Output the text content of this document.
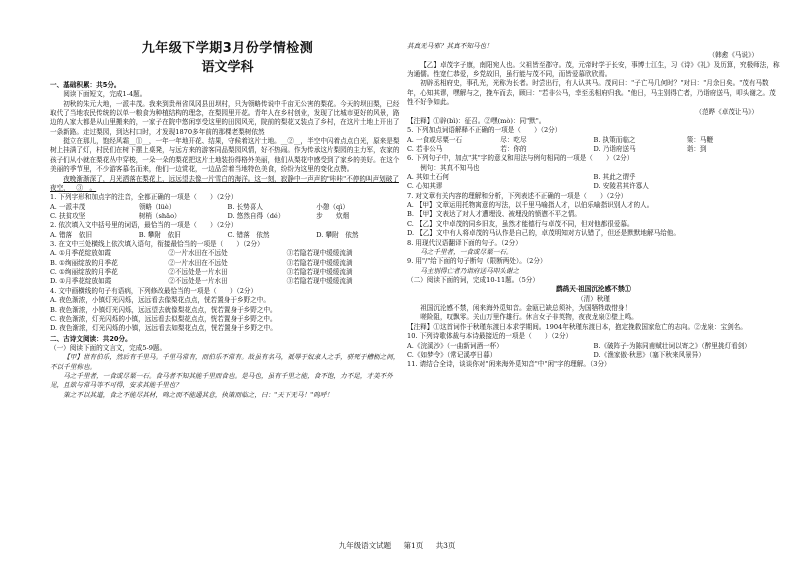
九年级下学期3月份学情检测
语文学科
一、基础积累：共5分。

阅读下面短文，完成1-4题。

初秋的朱元大地，一派丰茂。我来到贵州省凤冈县田坝村，只为领略传说中千亩无公害的梨花。今天的坝田梨，已经取代了当地农民传统的以单一粮食为种植结构的理念，在梨园里开花。青年人在乡村创业，发现了比城市更好的风景，路边的人家大都是从山里搬来的，一家子在院中悠闲享受这里的田园风光，院前的梨花又装点了乡村，在这片土地上开出了一条新路。走过梨园，到达村口时，才发现1870多年前的那棵老梨树依然

挺立在那儿，饱经风霜__①__，一年一年地开花、结果，守候着这片土地。__②__，半空中闪着点点白光，原来是梨树上挂满了灯，村民们在树下摆上桌凳，与远方来的游客同品梨园风情，好不热闹。作为传承这片梨园的主力军，农家的孩子们从小就在梨花丛中穿梭，一朵一朵的梨花把这片土地装扮得格外美丽，他们从梨花中感受到了家乡的美好。在这个美丽的季节里，不少游客慕名而来，他们一边赏花，一边品尝着当地特色美食，纷纷为这里的变化点赞。

夜晚渐渐深了，月光洒落在梨花上，远远望去像一片雪白的海洋。这一刻，寂静中一声声的"咔咔"不停的叫声划破了夜空，__③__。

1. 下列字形和加点字的注音，全都正确的一项是（　　）（2分）

A. 一派丰茂	领略（lüè）	B. 长势喜人	小憩（qì）
C. 扶贫攻坚	树梢（shāo）	D. 悠然自得（dé）	步　　炊烟

2. 依次填入文中括号里的词语，最恰当的一项是（　　）（2分）

A. 错落　 依旧	B. 攀附　 依旧	C. 错落　 依然	D. 攀附　 依然

3. 在文中三处横线上依次填入语句，衔接最恰当的一项是（　　）（2分）

A. ①月季花绽放如霞	②一片水田在不远处	③若隐若现中缓缓流淌
B. ①绚丽绽放的月季花	②一片水田在不远处	③若隐若现中缓缓流淌
C. ①绚丽绽放的月季花	②不远处是一片水田	③若隐若现中缓缓流淌
D. ①月季花绽放如霞	②不远处是一片水田	③若隐若现中缓缓流淌

4. 文中画横线的句子有语病，下列修改最恰当的一项是（　　）（2分）

A. 夜色渐浓，小镇灯光闪烁，远远看去像梨花点点，恍若置身于乡野之中。

B. 夜色渐浓，小镇灯光闪烁，远远望去就像梨花点点，恍若置身于乡野之中。

C. 夜色渐浓，灯光闪烁的小镇，远远看去似梨花点点，恍若置身于乡野之中。

D. 夜色渐浓，灯光闪烁的小镇，远远看去如梨花点点，恍若置身于乡野之中。

二、古诗文阅读：共20分。

（一）阅读下面的文言文，完成5-9题。

【甲】世有伯乐，然后有千里马。千里马常有，而伯乐不常有。故虽有名马，祗辱于奴隶人之手，骈死于槽枥之间，不以千里称也。

马之千里者，一食或尽粟一石。食马者不知其能千里而食也。是马也，虽有千里之能，食不饱，力不足，才美不外见，且欲与常马等不可得，安求其能千里也？

策之不以其道，食之不能尽其材，鸣之而不能通其意，执策而临之，曰："天下无马！"呜呼！

其真无马邪？其真不知马也！

（韩愈《马说》）

【乙】卓茂字子康，南阳宛人也。父祖皆至郡守。茂，元帝时学于长安，事博士江生，习《诗》《礼》及历算，究极师法，称为通儒。性宽仁恭爱，乡党故旧，虽行能与茂不同，而皆爱慕欣欣焉。

初辟丞相府史，事孔光，光称为长者。时尝出行，有人认其马。茂问曰："子亡马几何时？"对曰："月余日矣。"茂有马数年，心知其谬，嘿解与之，挽车而去，顾曰："若非公马，幸至丞相府归我。"他日，马主别得亡者，乃诣府送马，叩头谢之。茂性不好争如此。

（范晔《卓茂让马》）

【注释】①辟(bì)：征召。②嘿(mò)：同"默"。

5. 下列加点词语解释不正确的一项是（　　）（2分）

A. 一食或尽粟一石	尽：吃尽	B. 执策而临之	策：马鞭
C. 若非公马	若：你的	D. 乃诣府送马	诣：到

6. 下列句子中，加点"其"字的意义和用法与例句相同的一项是（　　）（2分）

例句：其真不知马也

A. 其如土石何	B. 其此之谓乎
C. 心知其谬	D. 安陵君其许寡人

7. 对文章有关内容的理解和分析，下列表述不正确的一项是（　　）（2分）

A. 【甲】文章运用托物寓意的写法，以千里马喻指人才，以伯乐喻指识别人才的人。

B. 【甲】文表达了对人才遭埋没、被埋没的愤懑不平之情。

C. 【乙】文中卓茂的同乡旧友，虽然才能德行与卓茂不同，但对他都很爱慕。

D. 【乙】文中有人将卓茂的马认作是自己的，卓茂明知对方认错了，但还是默默地解马给他。

8. 用现代汉语翻译下面的句子。（2分）

马之千里者，一食或尽粟一石。

9. 用"/"给下面的句子断句（限断两处）。（2分）

马主别得亡者乃诣府送马叩头谢之

（二）阅读下面的词，完成10-11题。（5分）

鹧鸪天·祖国沉沦感不禁①
（清）秋瑾

祖国沉沦感不禁，闲来海外觅知音。金瓯已缺总须补，为国牺牲敢惜身！

嗟险阻，叹飘零。关山万里作雄行。休言女子非英物，夜夜龙泉②壁上鸣。

【注释】①这首词作于秋瑾东渡日本求学期间。1904年秋瑾东渡日本，抱定挽救国家危亡的志向。②龙泉：宝剑名。

10. 下列诗歌体裁与本诗最接近的一项是（　　）（2分）

A.《浣溪沙》（一曲新词酒一杯）	B.《破阵子·为陈同甫赋壮词以寄之》（醉里挑灯看剑）
C.《如梦令》（常记溪亭日暮）	D.《渔家傲·秋思》（塞下秋来风景异）

11. 请结合全诗，谈谈你对"闲来海外觅知音"中"闲"字的理解。（3分）

九年级语文试题 第1页 共3页
